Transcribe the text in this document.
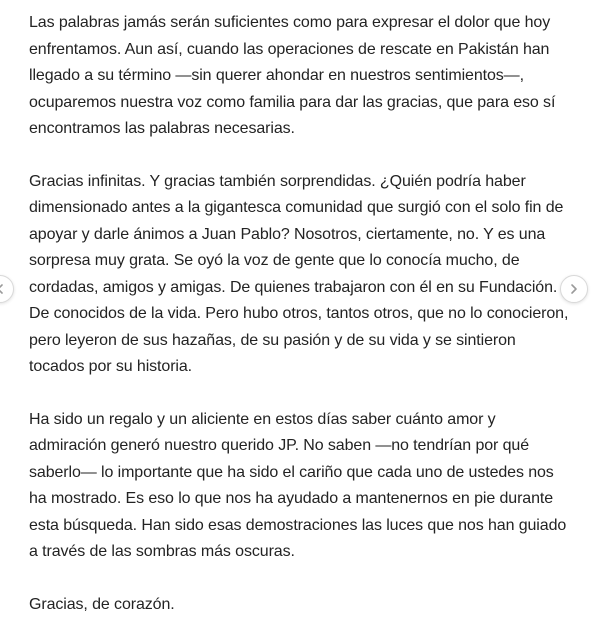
Las palabras jamás serán suficientes como para expresar el dolor que hoy enfrentamos. Aun así, cuando las operaciones de rescate en Pakistán han llegado a su término —sin querer ahondar en nuestros sentimientos—, ocuparemos nuestra voz como familia para dar las gracias, que para eso sí encontramos las palabras necesarias.

Gracias infinitas. Y gracias también sorprendidas. ¿Quién podría haber dimensionado antes a la gigantesca comunidad que surgió con el solo fin de apoyar y darle ánimos a Juan Pablo? Nosotros, ciertamente, no. Y es una sorpresa muy grata. Se oyó la voz de gente que lo conocía mucho, de cordadas, amigos y amigas. De quienes trabajaron con él en su Fundación. De conocidos de la vida. Pero hubo otros, tantos otros, que no lo conocieron, pero leyeron de sus hazañas, de su pasión y de su vida y se sintieron tocados por su historia.

Ha sido un regalo y un aliciente en estos días saber cuánto amor y admiración generó nuestro querido JP. No saben —no tendrían por qué saberlo— lo importante que ha sido el cariño que cada uno de ustedes nos ha mostrado. Es eso lo que nos ha ayudado a mantenernos en pie durante esta búsqueda. Han sido esas demostraciones las luces que nos han guiado a través de las sombras más oscuras.

Gracias, de corazón.
